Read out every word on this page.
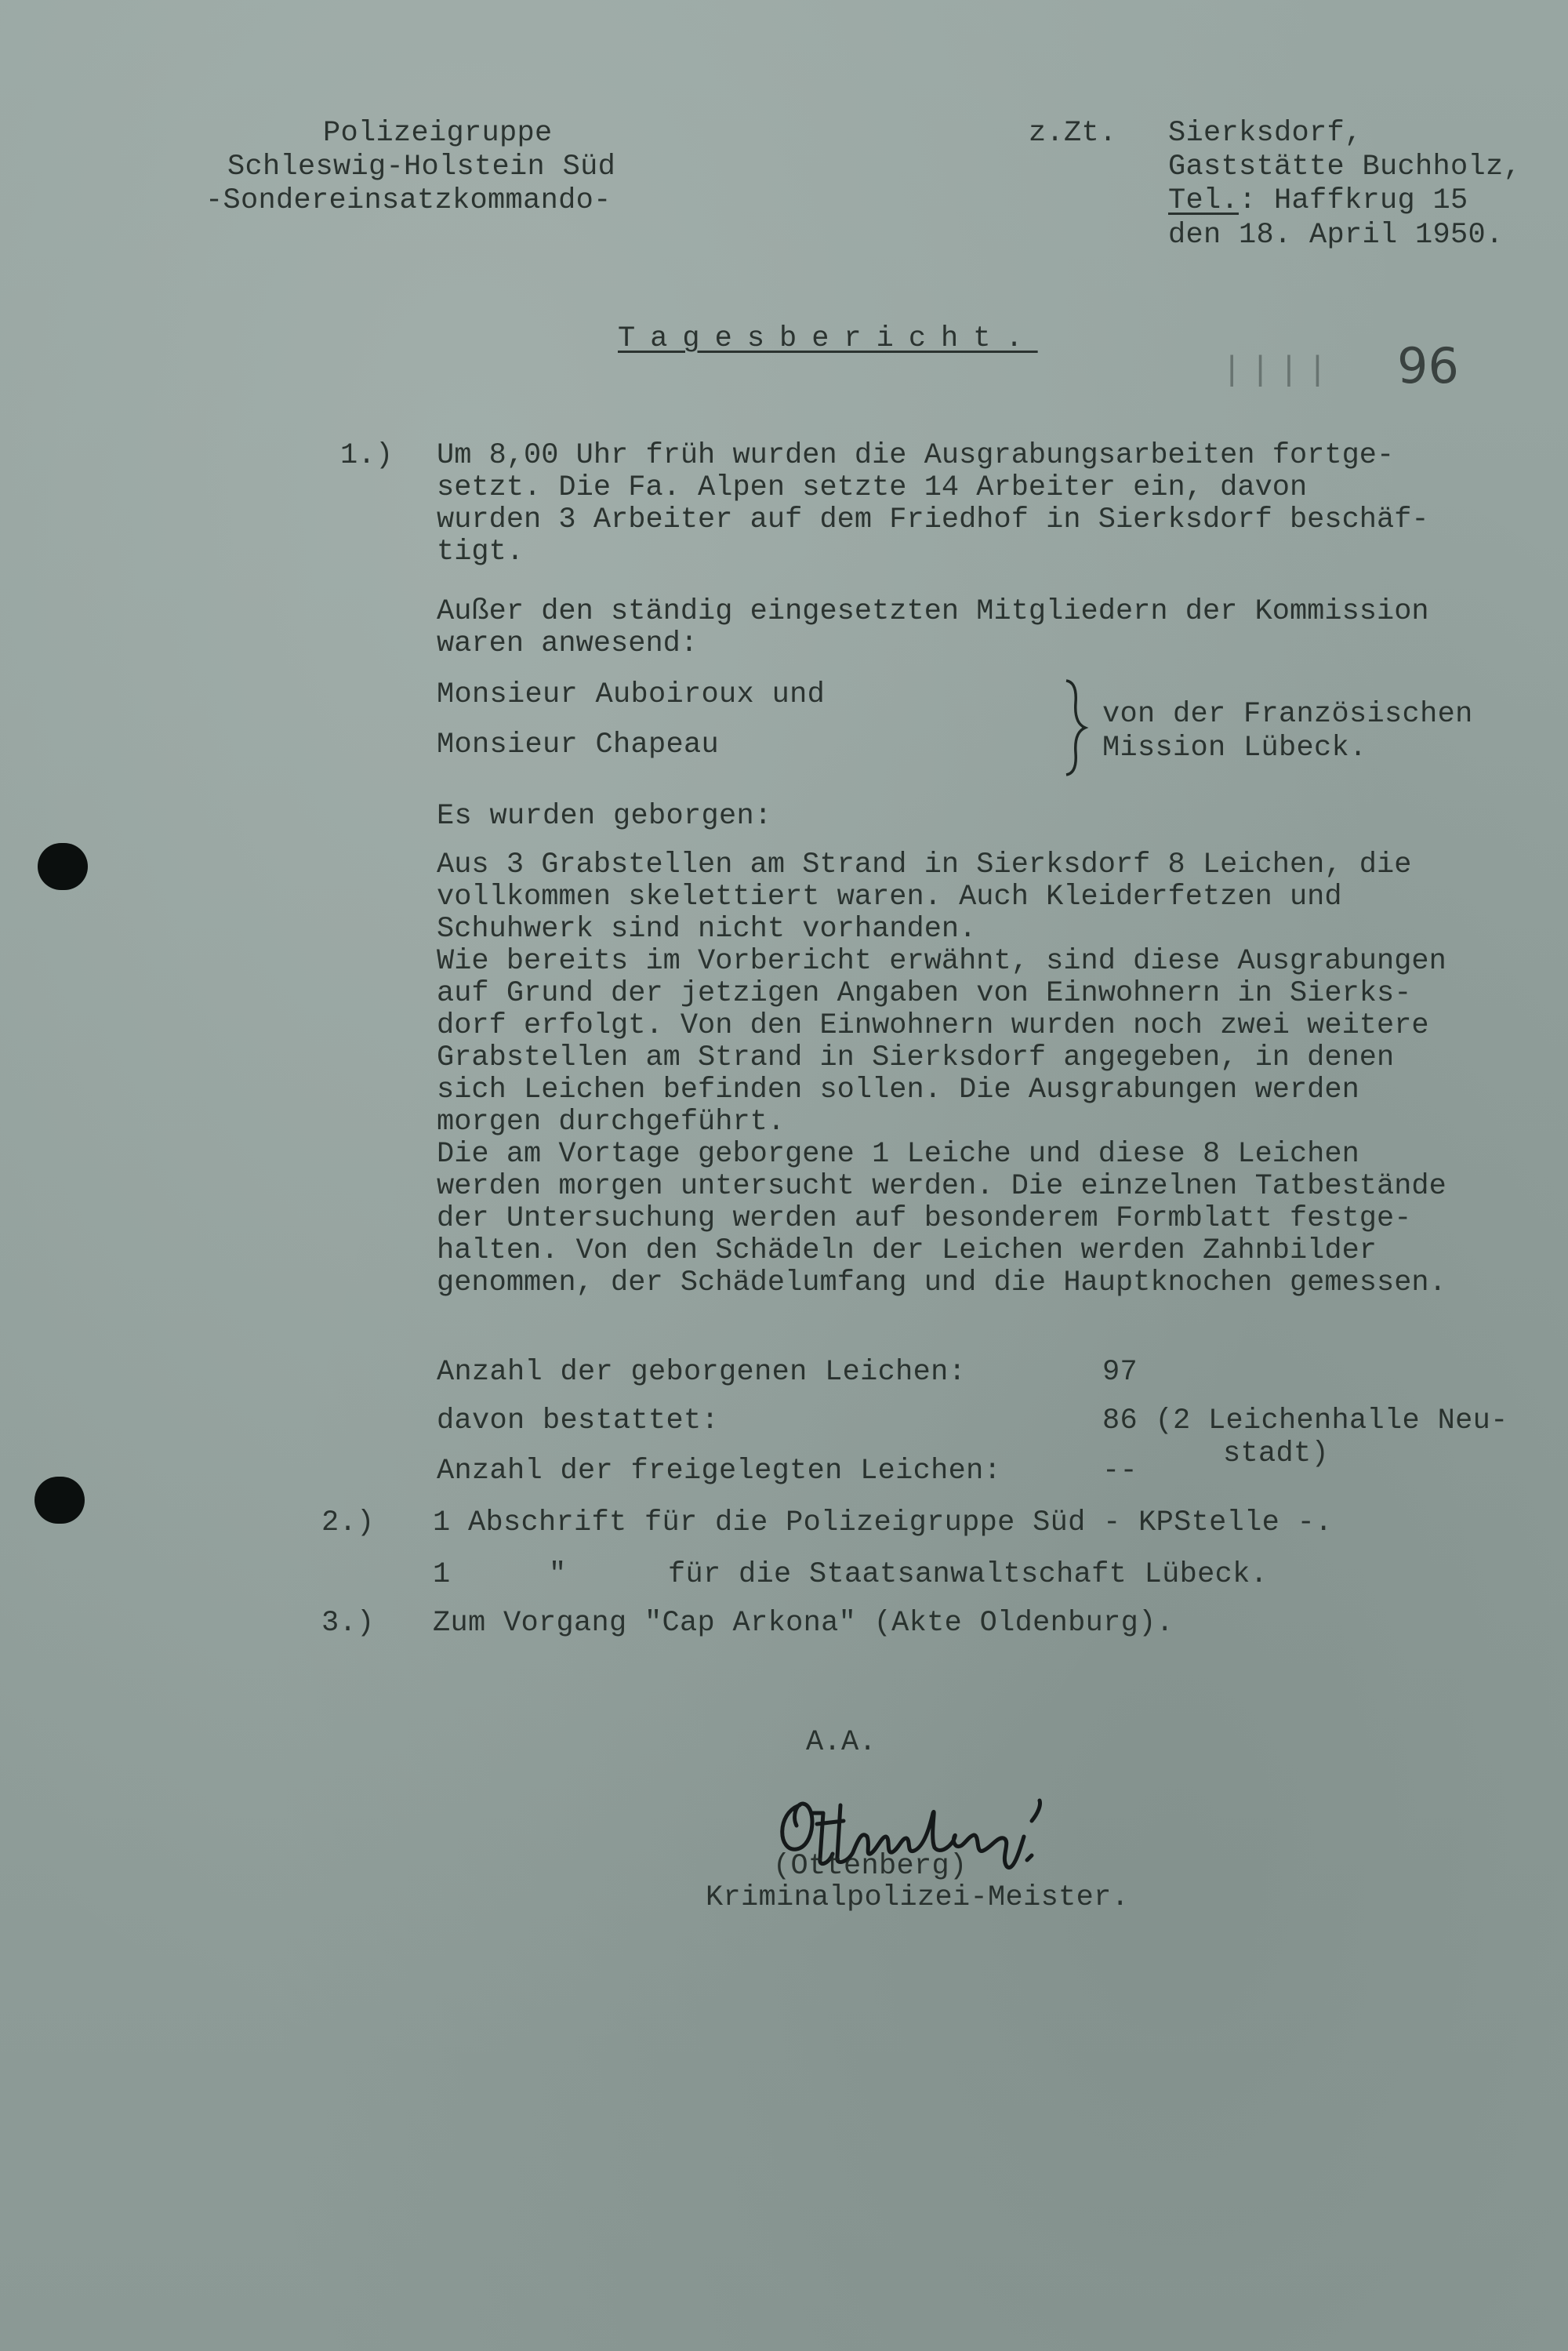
Polizeigruppe
Schleswig-Holstein Süd
-Sondereinsatzkommando-
z.Zt. Sierksdorf,
Gaststätte Buchholz,
Tel.: Haffkrug 15
den 18. April 1950.
Tagesbericht.
|||| 96
1.) Um 8,00 Uhr früh wurden die Ausgrabungsarbeiten fortge-
setzt. Die Fa. Alpen setzte 14 Arbeiter ein, davon
wurden 3 Arbeiter auf dem Friedhof in Sierksdorf beschäf-
tigt.
Außer den ständig eingesetzten Mitgliedern der Kommission
waren anwesend:
Monsieur Auboiroux und
Monsieur Chapeau
von der Französischen
Mission Lübeck.
Es wurden geborgen:
Aus 3 Grabstellen am Strand in Sierksdorf 8 Leichen, die
vollkommen skelettiert waren. Auch Kleiderfetzen und
Schuhwerk sind nicht vorhanden.
Wie bereits im Vorbericht erwähnt, sind diese Ausgrabungen
auf Grund der jetzigen Angaben von Einwohnern in Sierks-
dorf erfolgt. Von den Einwohnern wurden noch zwei weitere
Grabstellen am Strand in Sierksdorf angegeben, in denen
sich Leichen befinden sollen. Die Ausgrabungen werden
morgen durchgeführt.
Die am Vortage geborgene 1 Leiche und diese 8 Leichen
werden morgen untersucht werden. Die einzelnen Tatbestände
der Untersuchung werden auf besonderem Formblatt festge-
halten. Von den Schädeln der Leichen werden Zahnbilder
genommen, der Schädelumfang und die Hauptknochen gemessen.
Anzahl der geborgenen Leichen:	97
davon bestattet:	86 (2 Leichenhalle Neu-
stadt)
Anzahl der freigelegten Leichen:	--
2.) 1 Abschrift für die Polizeigruppe Süd - KPStelle -.
1	"	für die Staatsanwaltschaft Lübeck.
3.) Zum Vorgang "Cap Arkona" (Akte Oldenburg).
A.A.
(Ottenberg)
Kriminalpolizei-Meister.
